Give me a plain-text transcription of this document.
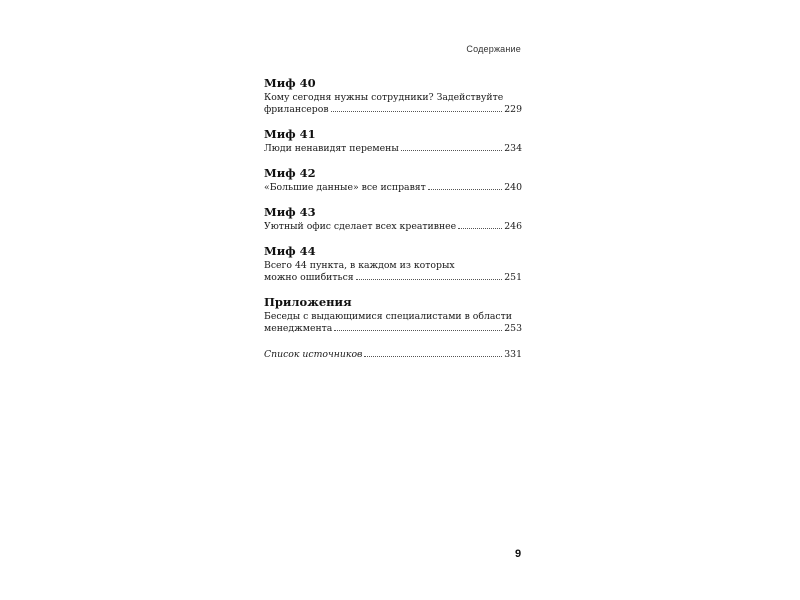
Содержание
Миф 40
Кому сегодня нужны сотрудники? Задействуйте
фрилансеров	229
Миф 41
Люди ненавидят перемены	234
Миф 42
«Большие данные» все исправят	240
Миф 43
Уютный офис сделает всех креативнее	246
Миф 44
Всего 44 пункта, в каждом из которых
можно ошибиться	251
Приложения
Беседы с выдающимися специалистами в области
менеджмента	253
Список источников	331
9
